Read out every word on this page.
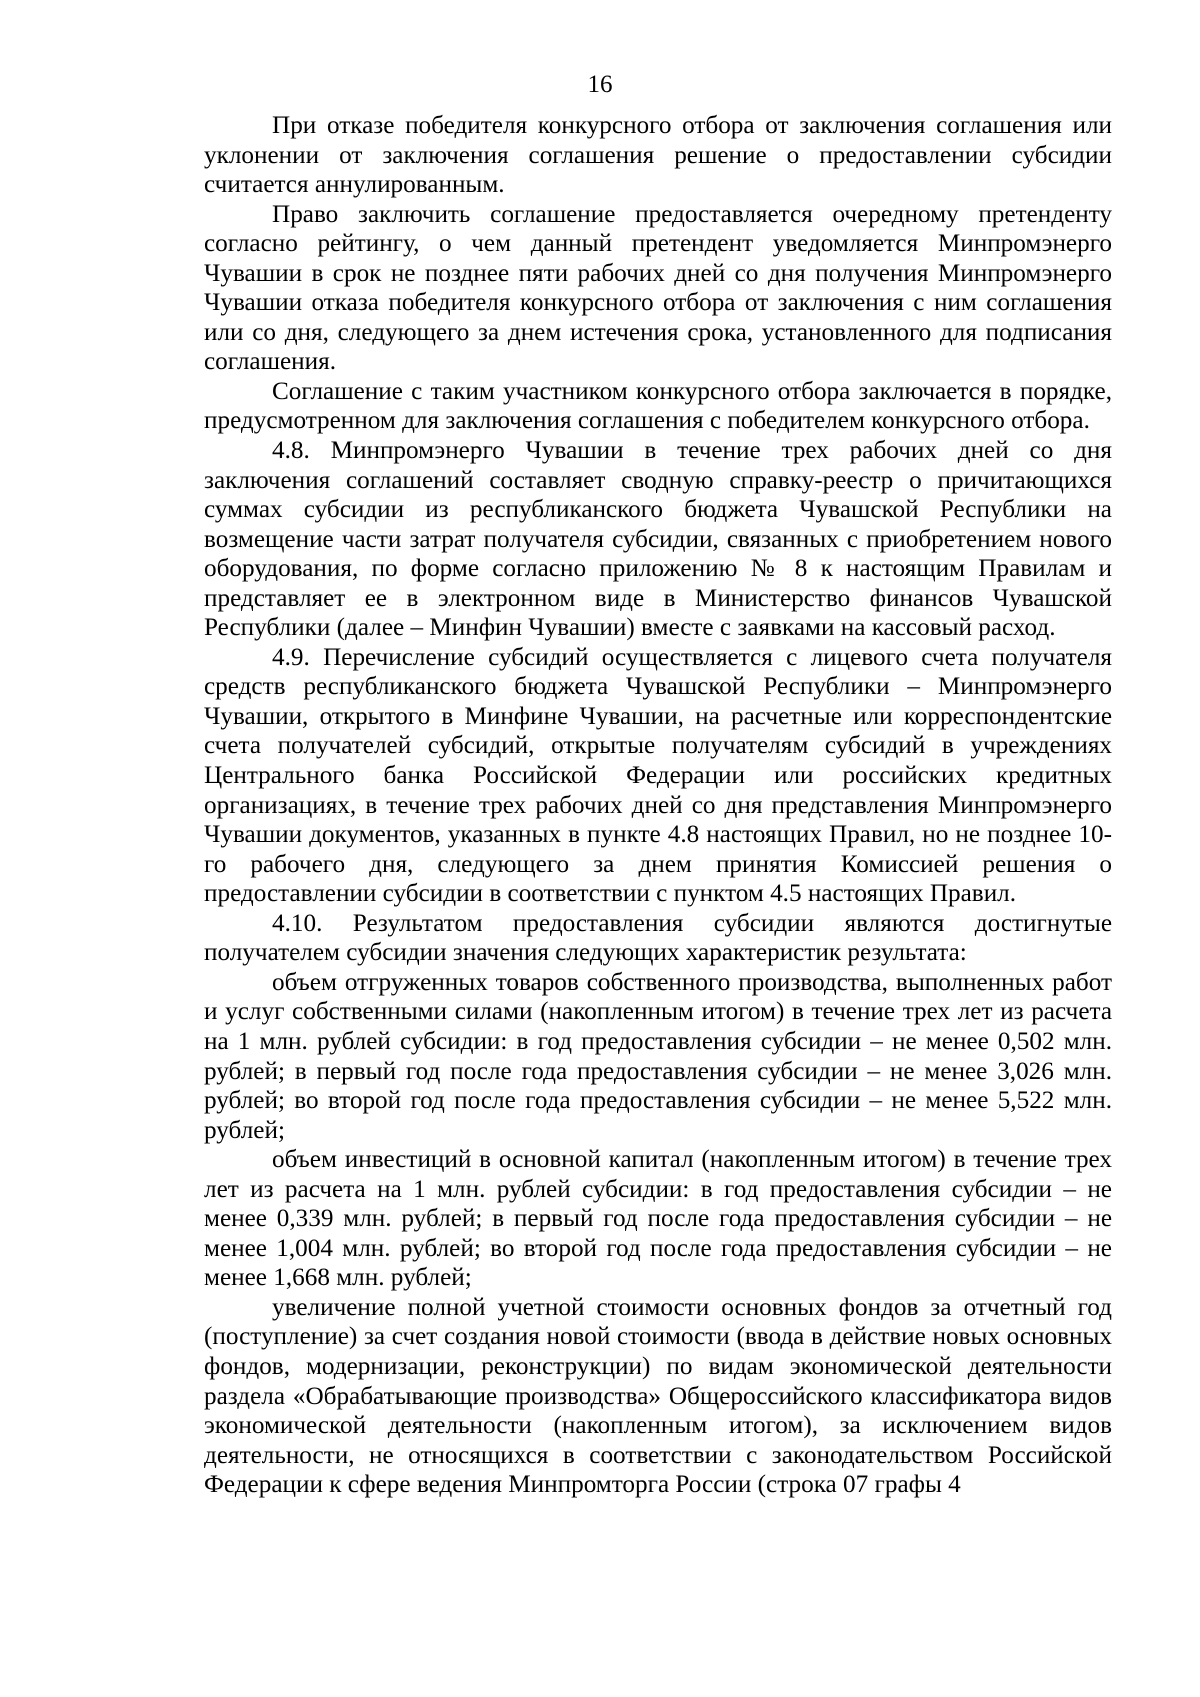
16

При отказе победителя конкурсного отбора от заключения соглашения или уклонении от заключения соглашения решение о предоставлении субсидии считается аннулированным.

Право заключить соглашение предоставляется очередному претенденту согласно рейтингу, о чем данный претендент уведомляется Минпромэнерго Чувашии в срок не позднее пяти рабочих дней со дня получения Минпромэнерго Чувашии отказа победителя конкурсного отбора от заключения с ним соглашения или со дня, следующего за днем истечения срока, установленного для подписания соглашения.

Соглашение с таким участником конкурсного отбора заключается в порядке, предусмотренном для заключения соглашения с победителем конкурсного отбора.

4.8. Минпромэнерго Чувашии в течение трех рабочих дней со дня заключения соглашений составляет сводную справку-реестр о причитающихся суммах субсидии из республиканского бюджета Чувашской Республики на возмещение части затрат получателя субсидии, связанных с приобретением нового оборудования, по форме согласно приложению № 8 к настоящим Правилам и представляет ее в электронном виде в Министерство финансов Чувашской Республики (далее – Минфин Чувашии) вместе с заявками на кассовый расход.

4.9. Перечисление субсидий осуществляется с лицевого счета получателя средств республиканского бюджета Чувашской Республики – Минпромэнерго Чувашии, открытого в Минфине Чувашии, на расчетные или корреспондентские счета получателей субсидий, открытые получателям субсидий в учреждениях Центрального банка Российской Федерации или российских кредитных организациях, в течение трех рабочих дней со дня представления Минпромэнерго Чувашии документов, указанных в пункте 4.8 настоящих Правил, но не позднее 10-го рабочего дня, следующего за днем принятия Комиссией решения о предоставлении субсидии в соответствии с пунктом 4.5 настоящих Правил.

4.10. Результатом предоставления субсидии являются достигнутые получателем субсидии значения следующих характеристик результата:

объем отгруженных товаров собственного производства, выполненных работ и услуг собственными силами (накопленным итогом) в течение трех лет из расчета на 1 млн. рублей субсидии: в год предоставления субсидии – не менее 0,502 млн. рублей; в первый год после года предоставления субсидии – не менее 3,026 млн. рублей; во второй год после года предоставления субсидии – не менее 5,522 млн. рублей;

объем инвестиций в основной капитал (накопленным итогом) в течение трех лет из расчета на 1 млн. рублей субсидии: в год предоставления субсидии – не менее 0,339 млн. рублей; в первый год после года предоставления субсидии – не менее 1,004 млн. рублей; во второй год после года предоставления субсидии – не менее 1,668 млн. рублей;

увеличение полной учетной стоимости основных фондов за отчетный год (поступление) за счет создания новой стоимости (ввода в действие новых основных фондов, модернизации, реконструкции) по видам экономической деятельности раздела «Обрабатывающие производства» Общероссийского классификатора видов экономической деятельности (накопленным итогом), за исключением видов деятельности, не относящихся в соответствии с законодательством Российской Федерации к сфере ведения Минпромторга России (строка 07 графы 4
